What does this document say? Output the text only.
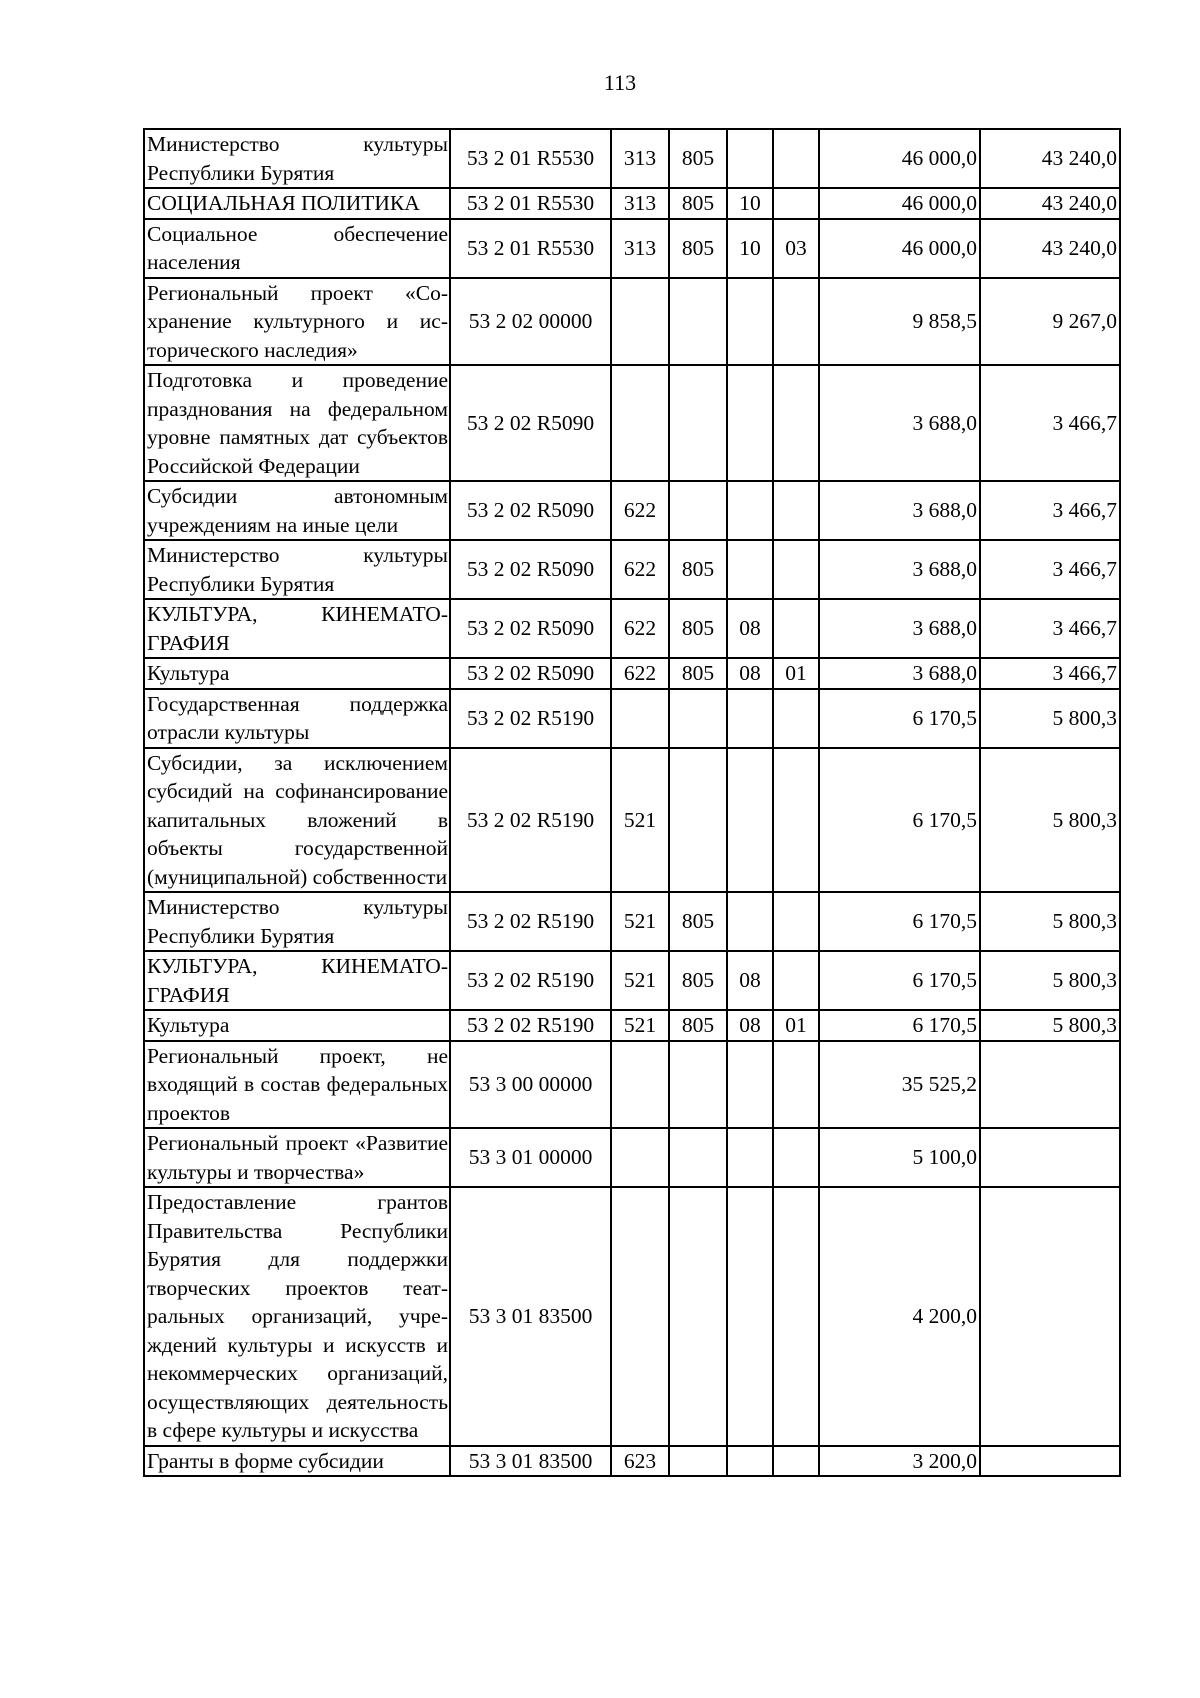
113
Министерство культуры Республики Бурятия	53 2 01 R5530	313	805			46 000,0	43 240,0
СОЦИАЛЬНАЯ ПОЛИТИКА	53 2 01 R5530	313	805	10		46 000,0	43 240,0
Социальное обеспечение населения	53 2 01 R5530	313	805	10	03	46 000,0	43 240,0
Региональный проект «Сохранение культурного и исторического наследия»	53 2 02 00000					9 858,5	9 267,0
Подготовка и проведение празднования на федеральном уровне памятных дат субъектов Российской Федерации	53 2 02 R5090					3 688,0	3 466,7
Субсидии автономным учреждениям на иные цели	53 2 02 R5090	622				3 688,0	3 466,7
Министерство культуры Республики Бурятия	53 2 02 R5090	622	805			3 688,0	3 466,7
КУЛЬТУРА, КИНЕМАТОГРАФИЯ	53 2 02 R5090	622	805	08		3 688,0	3 466,7
Культура	53 2 02 R5090	622	805	08	01	3 688,0	3 466,7
Государственная поддержка отрасли культуры	53 2 02 R5190					6 170,5	5 800,3
Субсидии, за исключением субсидий на софинансирование капитальных вложений в объекты государственной (муниципальной) собственности	53 2 02 R5190	521				6 170,5	5 800,3
Министерство культуры Республики Бурятия	53 2 02 R5190	521	805			6 170,5	5 800,3
КУЛЬТУРА, КИНЕМАТОГРАФИЯ	53 2 02 R5190	521	805	08		6 170,5	5 800,3
Культура	53 2 02 R5190	521	805	08	01	6 170,5	5 800,3
Региональный проект, не входящий в состав федеральных проектов	53 3 00 00000					35 525,2	
Региональный проект «Развитие культуры и творчества»	53 3 01 00000					5 100,0	
Предоставление грантов Правительства Республики Бурятия для поддержки творческих проектов театральных организаций, учреждений культуры и искусств и некоммерческих организаций, осуществляющих деятельность в сфере культуры и искусства	53 3 01 83500					4 200,0	
Гранты в форме субсидии	53 3 01 83500	623				3 200,0	
